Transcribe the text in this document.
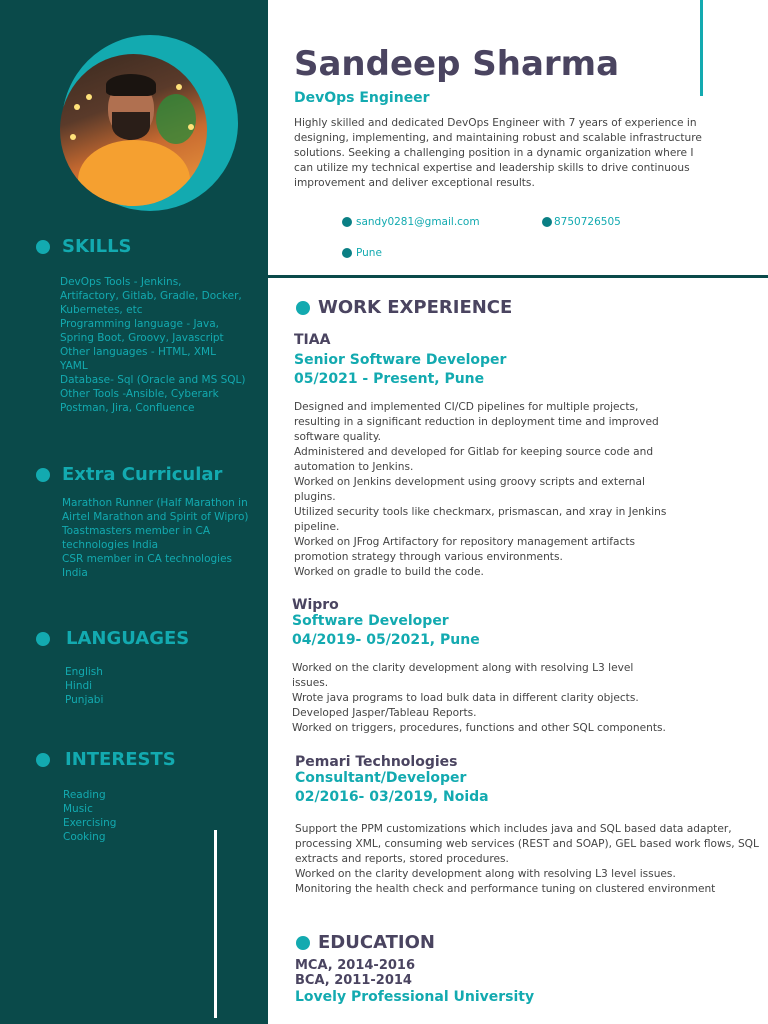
SKILLS
DevOps Tools - Jenkins,
Artifactory, Gitlab, Gradle, Docker,
Kubernetes, etc
Programming language - Java,
Spring Boot, Groovy, Javascript
Other languages - HTML, XML
YAML
Database- Sql (Oracle and MS SQL)
Other Tools -Ansible, Cyberark
Postman, Jira, Confluence
Extra Curricular
Marathon Runner (Half Marathon in
Airtel Marathon and Spirit of Wipro)
Toastmasters member in CA
technologies India
CSR member in CA technologies
India
LANGUAGES
English
Hindi
Punjabi
INTERESTS
Reading
Music
Exercising
Cooking
Sandeep Sharma
DevOps Engineer
Highly skilled and dedicated DevOps Engineer with 7 years of experience in designing, implementing, and maintaining robust and scalable infrastructure solutions. Seeking a challenging position in a dynamic organization where I can utilize my technical expertise and leadership skills to drive continuous improvement and deliver exceptional results.
sandy0281@gmail.com	8750726505
Pune
WORK EXPERIENCE
TIAA
Senior Software Developer
05/2021 - Present, Pune
Designed and implemented CI/CD pipelines for multiple projects,
resulting in a significant reduction in deployment time and improved
software quality.
Administered and developed for Gitlab for keeping source code and
automation to Jenkins.
Worked on Jenkins development using groovy scripts and external
plugins.
Utilized security tools like checkmarx, prismascan, and xray in Jenkins
pipeline.
Worked on JFrog Artifactory for repository management artifacts
promotion strategy through various environments.
Worked on gradle to build the code.
Wipro
Software Developer
04/2019- 05/2021, Pune
Worked on the clarity development along with resolving L3 level
issues.
Wrote java programs to load bulk data in different clarity objects.
Developed Jasper/Tableau Reports.
Worked on triggers, procedures, functions and other SQL components.
Pemari Technologies
Consultant/Developer
02/2016- 03/2019, Noida
Support the PPM customizations which includes java and SQL based data adapter,
processing XML, consuming web services (REST and SOAP), GEL based work flows, SQL
extracts and reports, stored procedures.
Worked on the clarity development along with resolving L3 level issues.
Monitoring the health check and performance tuning on clustered environment
EDUCATION
MCA, 2014-2016
BCA, 2011-2014
Lovely Professional University
